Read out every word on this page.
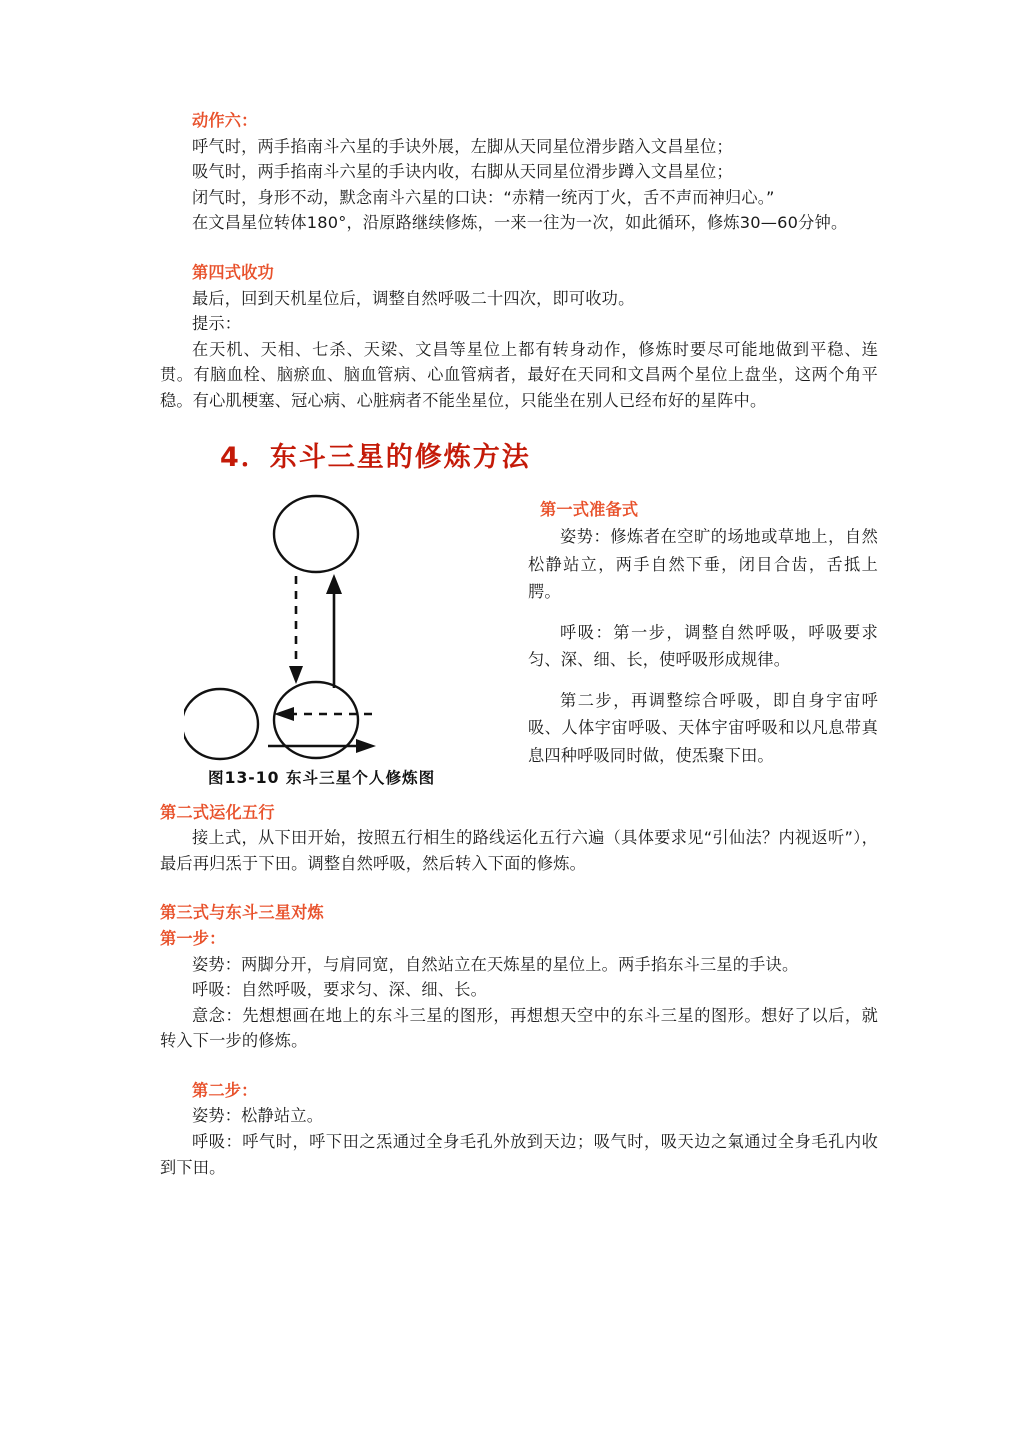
动作六：
呼气时，两手掐南斗六星的手诀外展，左脚从天同星位滑步踏入文昌星位；
吸气时，两手掐南斗六星的手诀内收，右脚从天同星位滑步蹲入文昌星位；
闭气时，身形不动，默念南斗六星的口诀：“赤精一统丙丁火，舌不声而神归心。”
在文昌星位转体180°，沿原路继续修炼，一来一往为一次，如此循环，修炼30—60分钟。
第四式收功
最后，回到天机星位后，调整自然呼吸二十四次，即可收功。
提示：
在天机、天相、七杀、天梁、文昌等星位上都有转身动作，修炼时要尽可能地做到平稳、连贯。有脑血栓、脑瘀血、脑血管病、心血管病者，最好在天同和文昌两个星位上盘坐，这两个角平稳。有心肌梗塞、冠心病、心脏病者不能坐星位，只能坐在别人已经布好的星阵中。
4．东斗三星的修炼方法
图13-10 东斗三星个人修炼图
第一式准备式
姿势：修炼者在空旷的场地或草地上，自然松静站立，两手自然下垂，闭目合齿，舌抵上腭。
呼吸：第一步，调整自然呼吸，呼吸要求匀、深、细、长，使呼吸形成规律。
第二步，再调整综合呼吸，即自身宇宙呼吸、人体宇宙呼吸、天体宇宙呼吸和以凡息带真息四种呼吸同时做，使炁聚下田。
第二式运化五行
接上式，从下田开始，按照五行相生的路线运化五行六遍（具体要求见“引仙法？内视返听”），最后再归炁于下田。调整自然呼吸，然后转入下面的修炼。
第三式与东斗三星对炼
第一步：
姿势：两脚分开，与肩同宽，自然站立在天炼星的星位上。两手掐东斗三星的手诀。
呼吸：自然呼吸，要求匀、深、细、长。
意念：先想想画在地上的东斗三星的图形，再想想天空中的东斗三星的图形。想好了以后，就转入下一步的修炼。
第二步：
姿势：松静站立。
呼吸：呼气时，呼下田之炁通过全身毛孔外放到天边；吸气时，吸天边之氣通过全身毛孔内收到下田。
